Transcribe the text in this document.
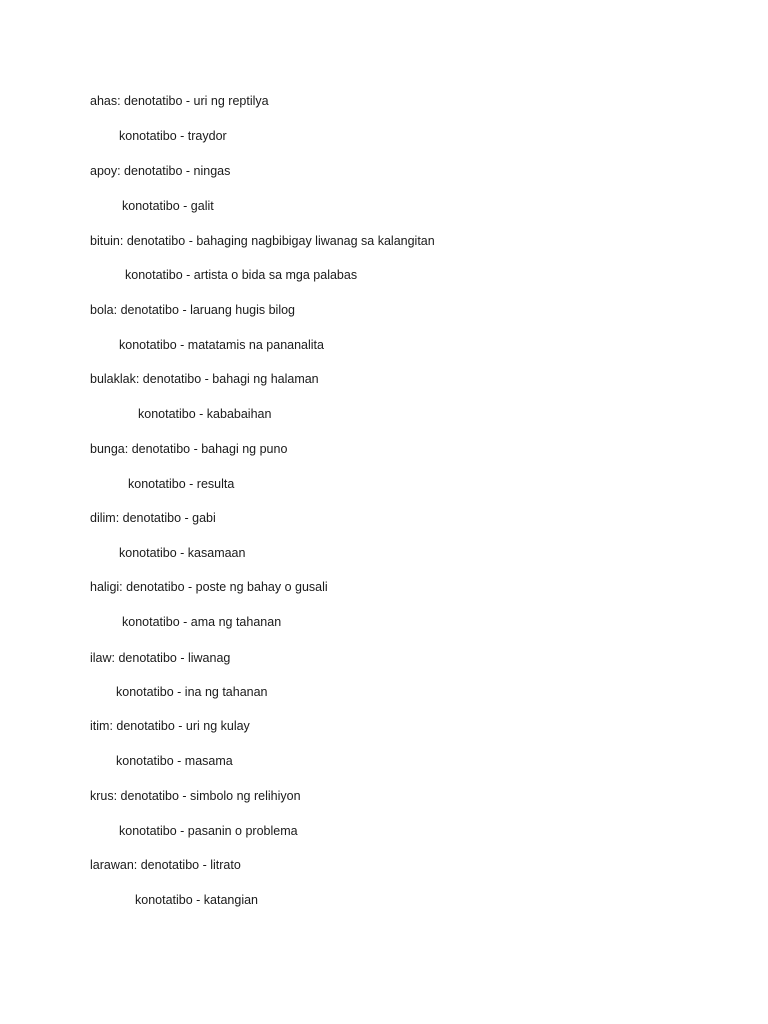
ahas: denotatibo - uri ng reptilya
konotatibo - traydor
apoy: denotatibo - ningas
konotatibo - galit
bituin: denotatibo - bahaging nagbibigay liwanag sa kalangitan
konotatibo - artista o bida sa mga palabas
bola: denotatibo - laruang hugis bilog
konotatibo - matatamis na pananalita
bulaklak: denotatibo - bahagi ng halaman
konotatibo - kababaihan
bunga: denotatibo - bahagi ng puno
konotatibo - resulta
dilim: denotatibo - gabi
konotatibo - kasamaan
haligi: denotatibo - poste ng bahay o gusali
konotatibo - ama ng tahanan
ilaw: denotatibo - liwanag
konotatibo - ina ng tahanan
itim: denotatibo - uri ng kulay
konotatibo - masama
krus: denotatibo - simbolo ng relihiyon
konotatibo - pasanin o problema
larawan: denotatibo - litrato
konotatibo - katangian
